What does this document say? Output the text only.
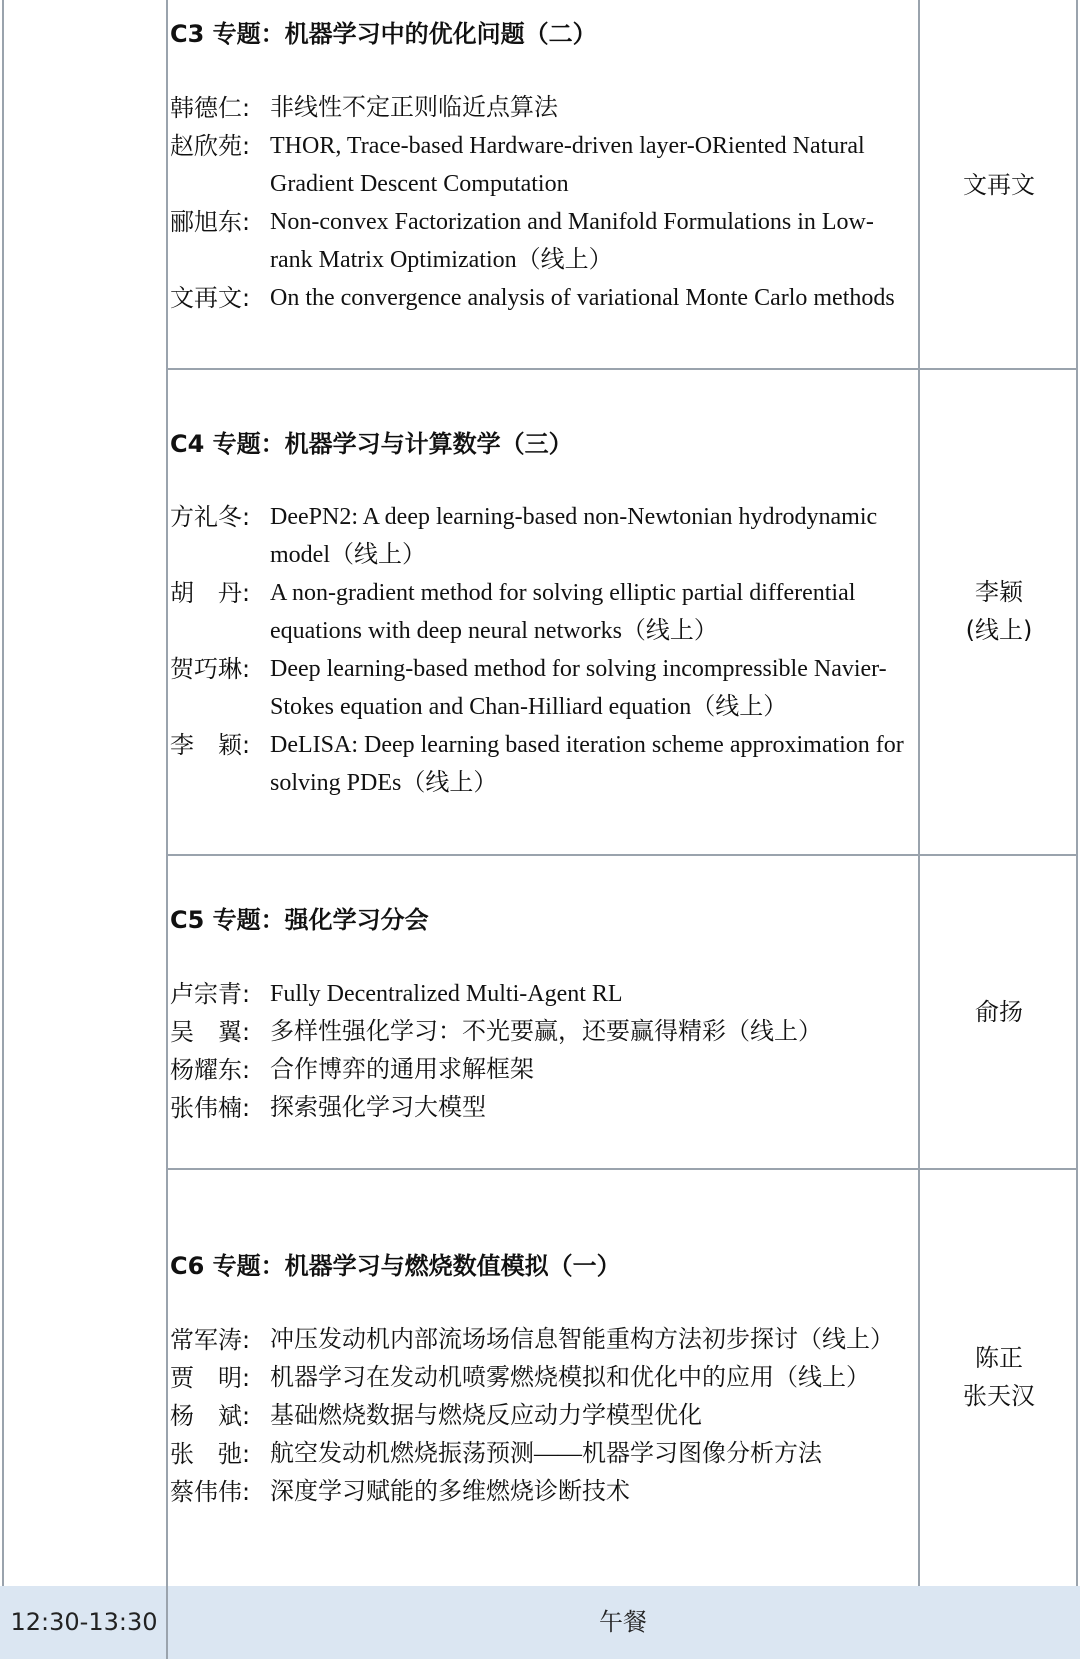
C3 专题：机器学习中的优化问题（二）
韩德仁: 非线性不定正则临近点算法
赵欣苑: THOR, Trace-based Hardware-driven layer-ORiented Natural Gradient Descent Computation
郦旭东: Non-convex Factorization and Manifold Formulations in Low-rank Matrix Optimization（线上）
文再文: On the convergence analysis of variational Monte Carlo methods
文再文
C4 专题：机器学习与计算数学（三）
方礼冬: DeePN2: A deep learning-based non-Newtonian hydrodynamic model（线上）
胡　丹: A non-gradient method for solving elliptic partial differential equations with deep neural networks（线上）
贺巧琳: Deep learning-based method for solving incompressible Navier-Stokes equation and Chan-Hilliard equation（线上）
李　颖: DeLISA: Deep learning based iteration scheme approximation for solving PDEs（线上）
李颖
(线上)
C5 专题：强化学习分会
卢宗青: Fully Decentralized Multi-Agent RL
吴　翼: 多样性强化学习：不光要赢，还要赢得精彩（线上）
杨耀东: 合作博弈的通用求解框架
张伟楠: 探索强化学习大模型
俞扬
C6 专题：机器学习与燃烧数值模拟（一）
常军涛: 冲压发动机内部流场场信息智能重构方法初步探讨（线上）
贾　明: 机器学习在发动机喷雾燃烧模拟和优化中的应用（线上）
杨　斌: 基础燃烧数据与燃烧反应动力学模型优化
张　弛: 航空发动机燃烧振荡预测——机器学习图像分析方法
蔡伟伟: 深度学习赋能的多维燃烧诊断技术
陈正
张天汉
12:30-13:30	午餐
